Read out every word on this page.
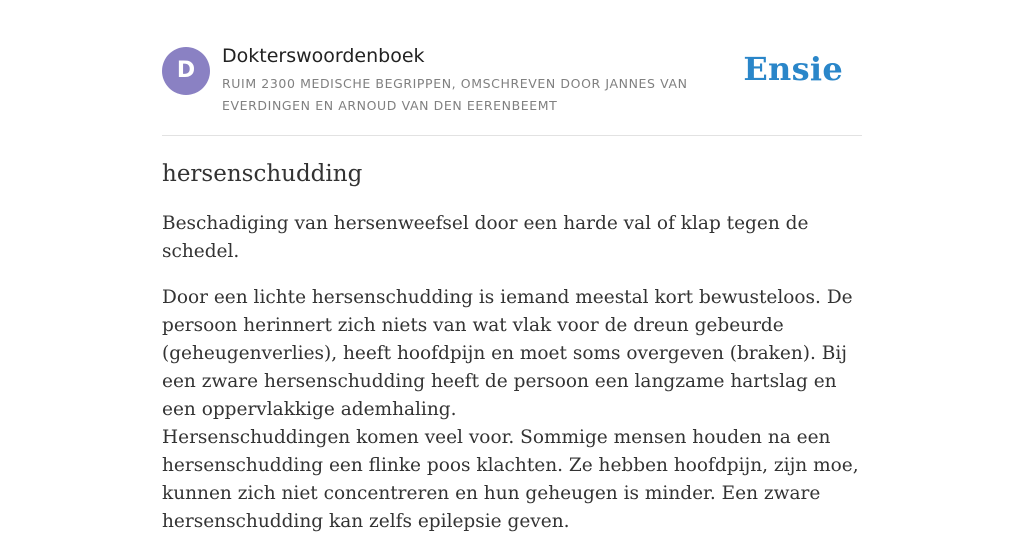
D
Dokterswoordenboek
RUIM 2300 MEDISCHE BEGRIPPEN, OMSCHREVEN DOOR JANNES VAN EVERDINGEN EN ARNOUD VAN DEN EERENBEEMT
Ensie
hersenschudding

Beschadiging van hersenweefsel door een harde val of klap tegen de schedel.

Door een lichte hersenschudding is iemand meestal kort bewusteloos. De persoon herinnert zich niets van wat vlak voor de dreun gebeurde (geheugenverlies), heeft hoofdpijn en moet soms overgeven (braken). Bij een zware hersenschudding heeft de persoon een langzame hartslag en een oppervlakkige ademhaling.

Hersenschuddingen komen veel voor. Sommige mensen houden na een hersenschudding een flinke poos klachten. Ze hebben hoofdpijn, zijn moe, kunnen zich niet concentreren en hun geheugen is minder. Een zware hersenschudding kan zelfs epilepsie geven.
